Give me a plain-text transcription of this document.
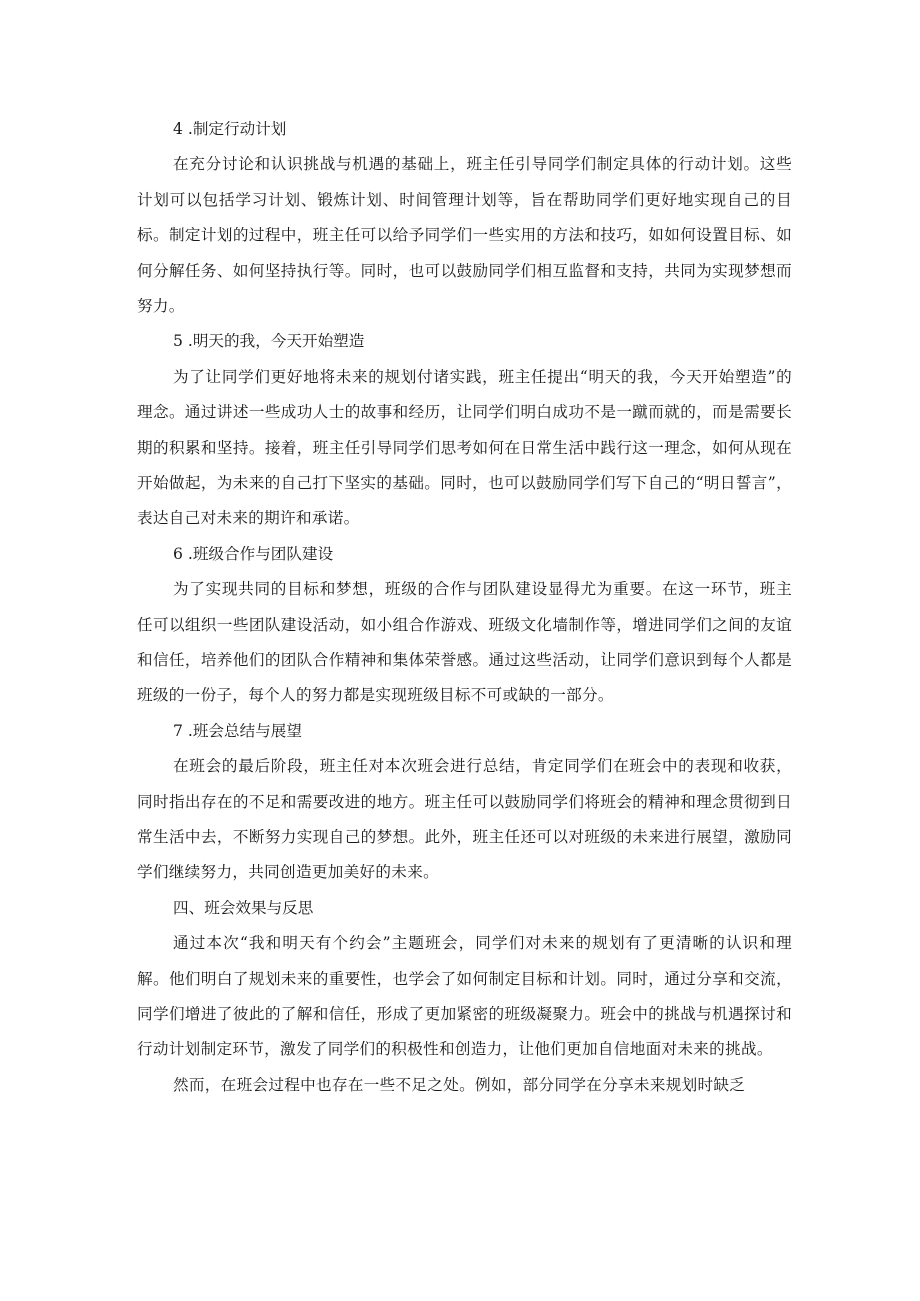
4 .制定行动计划

在充分讨论和认识挑战与机遇的基础上，班主任引导同学们制定具体的行动计划。这些计划可以包括学习计划、锻炼计划、时间管理计划等，旨在帮助同学们更好地实现自己的目标。制定计划的过程中，班主任可以给予同学们一些实用的方法和技巧，如如何设置目标、如何分解任务、如何坚持执行等。同时，也可以鼓励同学们相互监督和支持，共同为实现梦想而努力。

5 .明天的我，今天开始塑造

为了让同学们更好地将未来的规划付诸实践，班主任提出“明天的我，今天开始塑造”的理念。通过讲述一些成功人士的故事和经历，让同学们明白成功不是一蹴而就的，而是需要长期的积累和坚持。接着，班主任引导同学们思考如何在日常生活中践行这一理念，如何从现在开始做起，为未来的自己打下坚实的基础。同时，也可以鼓励同学们写下自己的“明日誓言”，表达自己对未来的期许和承诺。

6 .班级合作与团队建设

为了实现共同的目标和梦想，班级的合作与团队建设显得尤为重要。在这一环节，班主任可以组织一些团队建设活动，如小组合作游戏、班级文化墙制作等，增进同学们之间的友谊和信任，培养他们的团队合作精神和集体荣誉感。通过这些活动，让同学们意识到每个人都是班级的一份子，每个人的努力都是实现班级目标不可或缺的一部分。

7 .班会总结与展望

在班会的最后阶段，班主任对本次班会进行总结，肯定同学们在班会中的表现和收获，同时指出存在的不足和需要改进的地方。班主任可以鼓励同学们将班会的精神和理念贯彻到日常生活中去，不断努力实现自己的梦想。此外，班主任还可以对班级的未来进行展望，激励同学们继续努力，共同创造更加美好的未来。

四、班会效果与反思

通过本次“我和明天有个约会”主题班会，同学们对未来的规划有了更清晰的认识和理解。他们明白了规划未来的重要性，也学会了如何制定目标和计划。同时，通过分享和交流，同学们增进了彼此的了解和信任，形成了更加紧密的班级凝聚力。班会中的挑战与机遇探讨和行动计划制定环节，激发了同学们的积极性和创造力，让他们更加自信地面对未来的挑战。

然而，在班会过程中也存在一些不足之处。例如，部分同学在分享未来规划时缺乏
